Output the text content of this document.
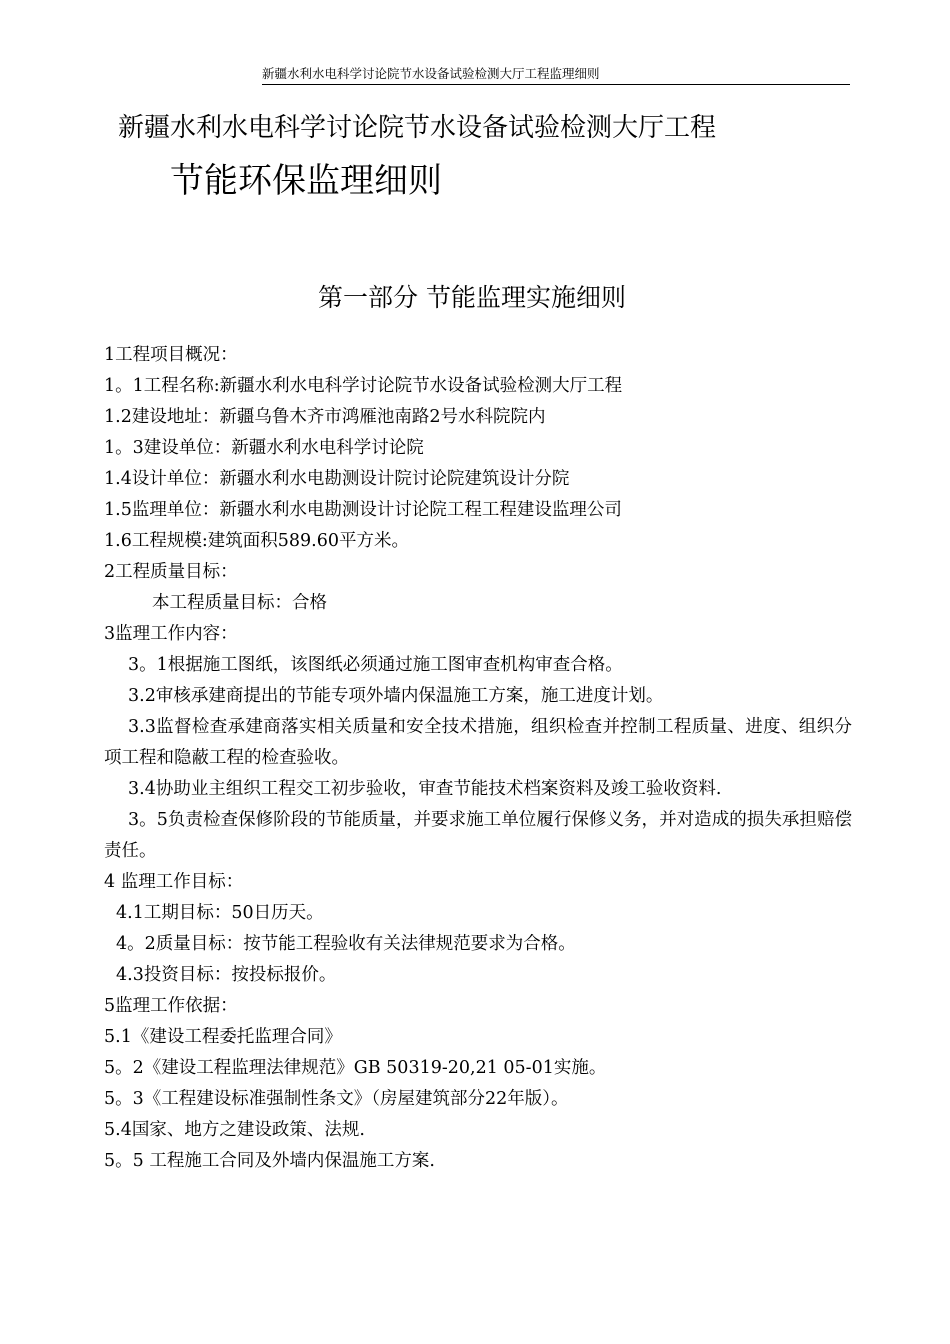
新疆水利水电科学讨论院节水设备试验检测大厅工程监理细则
新疆水利水电科学讨论院节水设备试验检测大厅工程
节能环保监理细则
第一部分 节能监理实施细则
1工程项目概况：
1。1工程名称:新疆水利水电科学讨论院节水设备试验检测大厅工程
1.2建设地址：新疆乌鲁木齐市鸿雁池南路2号水科院院内
1。3建设单位：新疆水利水电科学讨论院
1.4设计单位：新疆水利水电勘测设计院讨论院建筑设计分院
1.5监理单位：新疆水利水电勘测设计讨论院工程工程建设监理公司
1.6工程规模:建筑面积589.60平方米。
2工程质量目标：
本工程质量目标：合格
3监理工作内容：
3。1根据施工图纸，该图纸必须通过施工图审查机构审查合格。
3.2审核承建商提出的节能专项外墙内保温施工方案，施工进度计划。
3.3监督检查承建商落实相关质量和安全技术措施，组织检查并控制工程质量、进度、组织分项工程和隐蔽工程的检查验收。
3.4协助业主组织工程交工初步验收，审查节能技术档案资料及竣工验收资料.
3。5负责检查保修阶段的节能质量，并要求施工单位履行保修义务，并对造成的损失承担赔偿责任。
4 监理工作目标：
4.1工期目标：50日历天。
4。2质量目标：按节能工程验收有关法律规范要求为合格。
4.3投资目标：按投标报价。
5监理工作依据：
5.1《建设工程委托监理合同》
5。2《建设工程监理法律规范》GB 50319-20,21 05-01实施。
5。3《工程建设标准强制性条文》（房屋建筑部分22年版）。
5.4国家、地方之建设政策、法规.
5。5 工程施工合同及外墙内保温施工方案.
